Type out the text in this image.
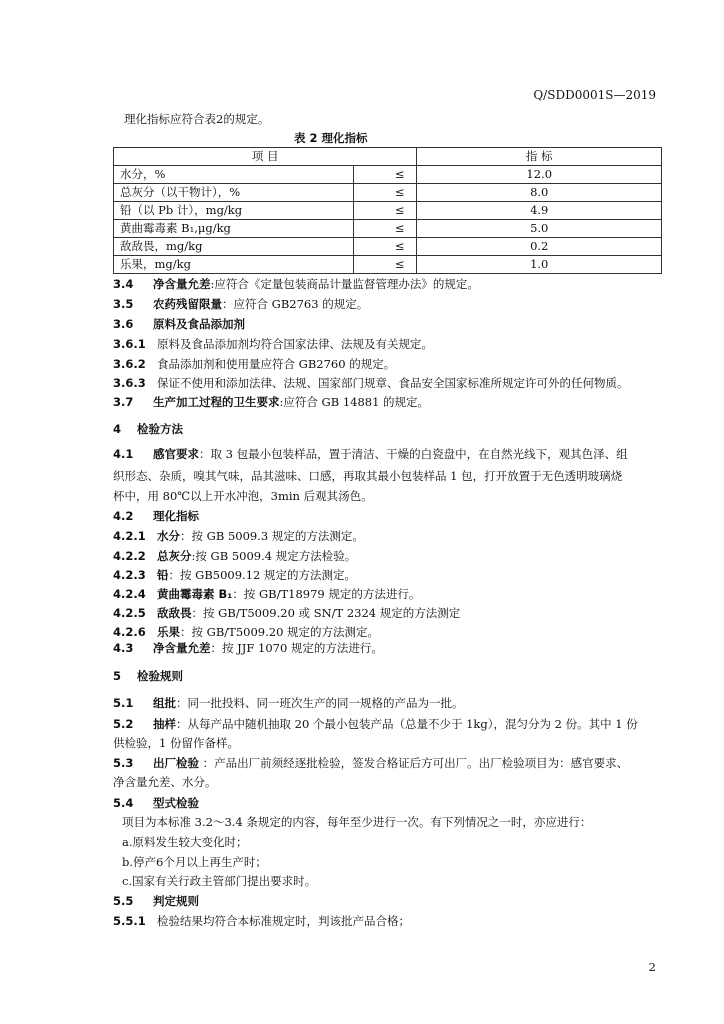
Q/SDD0001S—2019
理化指标应符合表2的规定。
表 2 理化指标
项 目		指 标
水分，%	≤	12.0
总灰分（以干物计），%	≤	8.0
铅（以 Pb 计），mg/kg	≤	4.9
黄曲霉毒素 B₁,μg/kg	≤	5.0
敌敌畏，mg/kg	≤	0.2
乐果，mg/kg	≤	1.0
3.4 净含量允差:应符合《定量包装商品计量监督管理办法》的规定。
3.5 农药残留限量：应符合 GB2763 的规定。
3.6 原料及食品添加剂
3.6.1 原料及食品添加剂均符合国家法律、法规及有关规定。
3.6.2 食品添加剂和使用量应符合 GB2760 的规定。
3.6.3 保证不使用和添加法律、法规、国家部门规章、食品安全国家标准所规定许可外的任何物质。
3.7 生产加工过程的卫生要求:应符合 GB 14881 的规定。
4 检验方法
4.1 感官要求：取 3 包最小包装样品，置于清洁、干燥的白瓷盘中，在自然光线下，观其色泽、组
织形态、杂质，嗅其气味，品其滋味、口感，再取其最小包装样品 1 包，打开放置于无色透明玻璃烧
杯中，用 80℃以上开水冲泡，3min 后观其汤色。
4.2 理化指标
4.2.1 水分：按 GB 5009.3 规定的方法测定。
4.2.2 总灰分:按 GB 5009.4 规定方法检验。
4.2.3 铅：按 GB5009.12 规定的方法测定。
4.2.4 黄曲霉毒素 B₁：按 GB/T18979 规定的方法进行。
4.2.5 敌敌畏：按 GB/T5009.20 或 SN/T 2324 规定的方法测定
4.2.6 乐果：按 GB/T5009.20 规定的方法测定。
4.3 净含量允差：按 JJF 1070 规定的方法进行。
5 检验规则
5.1 组批：同一批投料、同一班次生产的同一规格的产品为一批。
5.2 抽样：从每产品中随机抽取 20 个最小包装产品（总量不少于 1kg），混匀分为 2 份。其中 1 份
供检验，1 份留作备样。
5.3 出厂检验 ：产品出厂前须经逐批检验，签发合格证后方可出厂。出厂检验项目为：感官要求、
净含量允差、水分。
5.4 型式检验
项目为本标准 3.2～3.4 条规定的内容，每年至少进行一次。有下列情况之一时，亦应进行：
a.原料发生较大变化时；
b.停产6个月以上再生产时；
c.国家有关行政主管部门提出要求时。
5.5 判定规则
5.5.1 检验结果均符合本标准规定时，判该批产品合格；
2
